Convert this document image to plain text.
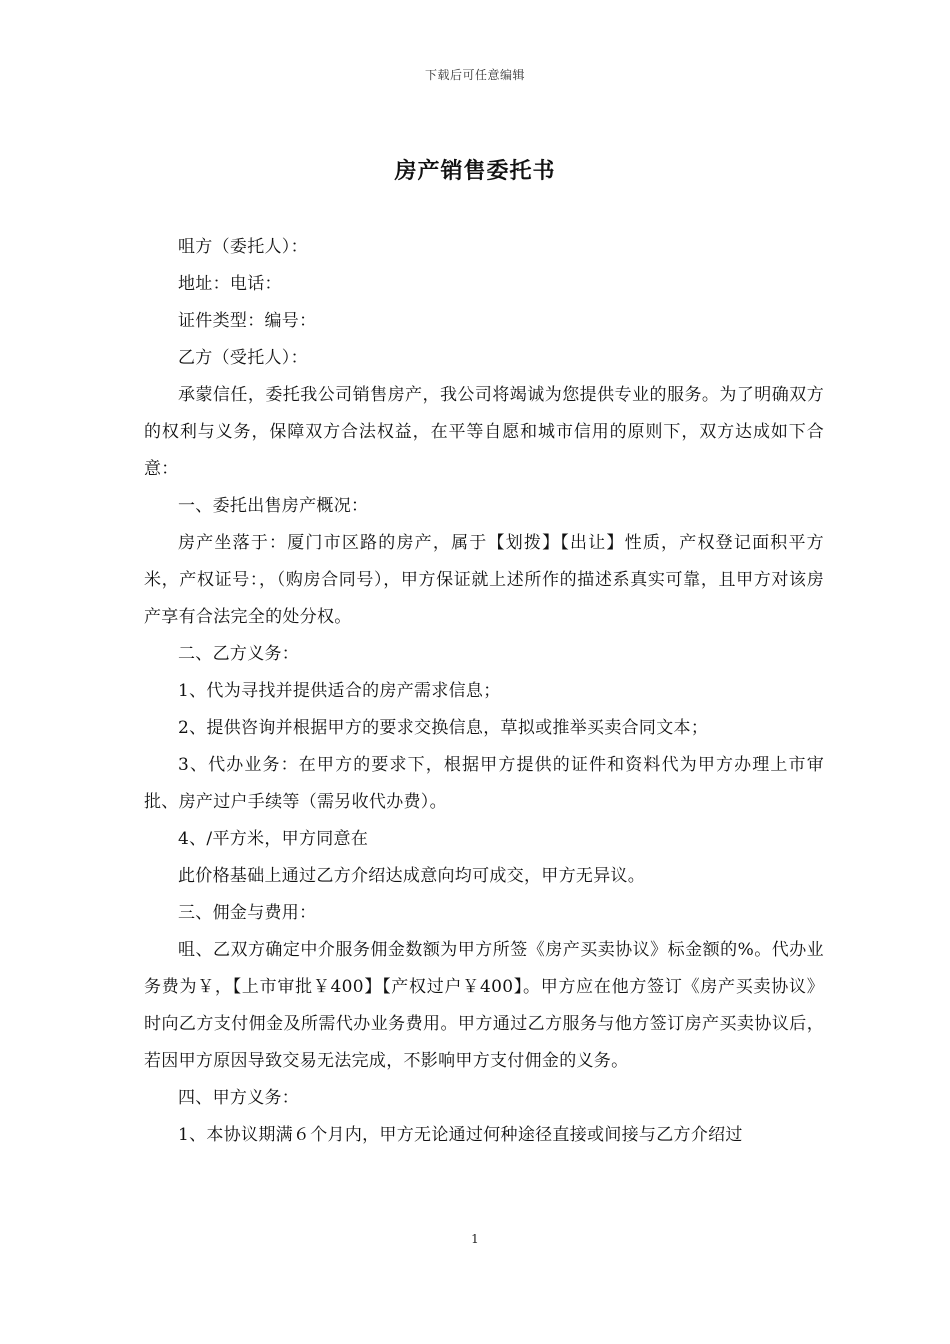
下载后可任意编辑
房产销售委托书

咀方（委托人）：

地址：电话：

证件类型：编号：

乙方（受托人）：

承蒙信任，委托我公司销售房产，我公司将竭诚为您提供专业的服务。为了明确双方的权利与义务，保障双方合法权益，在平等自愿和城市信用的原则下，双方达成如下合意：

一、委托出售房产概况：

房产坐落于：厦门市区路的房产，属于【划拨】【出让】性质，产权登记面积平方米，产权证号：，（购房合同号），甲方保证就上述所作的描述系真实可靠，且甲方对该房产享有合法完全的处分权。

二、乙方义务：

1、代为寻找并提供适合的房产需求信息；

2、提供咨询并根据甲方的要求交换信息，草拟或推举买卖合同文本；

3、代办业务：在甲方的要求下，根据甲方提供的证件和资料代为甲方办理上市审批、房产过户手续等（需另收代办费）。

4、/平方米，甲方同意在

此价格基础上通过乙方介绍达成意向均可成交，甲方无异议。

三、佣金与费用：

咀、乙双方确定中介服务佣金数额为甲方所签《房产买卖协议》标金额的%。代办业务费为￥，【上市审批￥400】【产权过户￥400】。甲方应在他方签订《房产买卖协议》时向乙方支付佣金及所需代办业务费用。甲方通过乙方服务与他方签订房产买卖协议后，若因甲方原因导致交易无法完成，不影响甲方支付佣金的义务。

四、甲方义务：

1、本协议期满６个月内，甲方无论通过何种途径直接或间接与乙方介绍过

1
